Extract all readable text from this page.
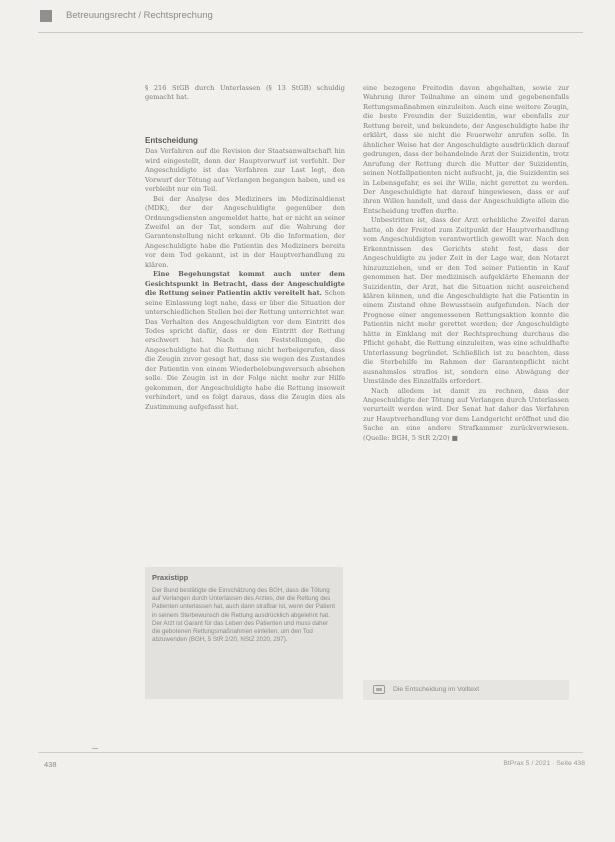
Betreuungsrecht / Rechtsprechung

§ 216 StGB durch Unterlassen (§ 13 StGB) schuldig gemacht hat.

Entscheidung

Das Verfahren auf die Revision der Staatsanwaltschaft hin wird eingestellt, denn der Hauptvorwurf ist verfehlt. Der Angeschuldigte ist das Verfahren zur Last legt, den Vorwurf der Tötung auf Verlangen begangen haben, und es verbleibt nur ein Teil.

Bei der Analyse des Mediziners im Medizinaldienst (MDK), der der Angeschuldigte gegenüber den Ordnungsdiensten angemeldet hatte, hat er nicht an seiner Zweifel an der Tat, sondern auf die Wahrung der Garantenstellung nicht erkannt. Ob die Information, der Angeschuldigte habe die Patientin des Mediziners bereits vor dem Tod gekannt, ist in der Hauptverhandlung zu klären.

Eine Begehungstat kommt auch unter dem Gesichtspunkt in Betracht, dass der Angeschuldigte die Rettung seiner Patientin aktiv vereitelt hat. Schon seine Einlassung legt nahe, dass er über die Situation der unterschiedlichen Stellen bei der Rettung unterrichtet war. Das Verhalten des Angeschuldigten vor dem Eintritt des Todes spricht dafür, dass er den Eintritt der Rettung erschwert hat. Nach den Feststellungen, die Angeschuldigte hat die Rettung nicht herbeigerufen, dass die Zeugin zuvor gesagt hat, dass sie wegen des Zustandes der Patientin von einem Wiederbelebungsversuch absehen solle. Die Zeugin ist in der Folge nicht mehr zur Hilfe gekommen, der Angeschuldigte habe die Rettung insoweit verhindert, und es folgt daraus, dass die Zeugin dies als Zustimmung aufgefasst hat.

Praxistipp
Der Bund bestätigte die Einschätzung des BGH, dass die Tötung auf Verlangen durch Unterlassen des Arztes, der die Rettung des Patienten unterlassen hat, auch dann strafbar ist, wenn der Patient in seinem Sterbewunsch die Rettung ausdrücklich abgelehnt hat. Der Arzt ist Garant für das Leben des Patienten und muss daher die gebotenen Rettungsmaßnahmen einleiten, um den Tod abzuwenden (BGH, 5 StR 2/20, NStZ 2020, 297).

eine bezogene Freitodin davon abgehalten, sowie zur Wahrung ihrer Teilnahme an einem und gegebenenfalls Rettungsmaßnahmen einzuleiten. Auch eine weitere Zeugin, die beste Freundin der Suizidentin, war ebenfalls zur Rettung bereit, und bekundete, der Angeschuldigte habe ihr erklärt, dass sie nicht die Feuerwehr anrufen solle. In ähnlicher Weise hat der Angeschuldigte ausdrücklich darauf gedrungen, dass der behandelnde Arzt der Suizidentin, trotz Anrufung der Rettung durch die Mutter der Suizidentin, seinen Notfallpatienten nicht aufsucht, ja, die Suizidentin sei in Lebensgefahr, es sei ihr Wille, nicht gerettet zu werden. Der Angeschuldigte hat darauf hingewiesen, dass er auf ihren Willen handelt, und dass der Angeschuldigte allein die Entscheidung treffen durfte.

Unbestritten ist, dass der Arzt erhebliche Zweifel daran hatte, ob der Freitod zum Zeitpunkt der Hauptverhandlung vom Angeschuldigten verantwortlich gewollt war. Nach den Erkenntnissen des Gerichts steht fest, dass der Angeschuldigte zu jeder Zeit in der Lage war, den Notarzt hinzuzuziehen, und er den Tod seiner Patientin in Kauf genommen hat. Der medizinisch aufgeklärte Ehemann der Suizidentin, der Arzt, hat die Situation nicht ausreichend klären können, und die Angeschuldigte hat die Patientin in einem Zustand ohne Bewusstsein aufgefunden. Nach der Prognose einer angemessenen Rettungsaktion konnte die Patientin nicht mehr gerettet werden; der Angeschuldigte hätte in Einklang mit der Rechtsprechung durchaus die Pflicht gehabt, die Rettung einzuleiten, was eine schuldhafte Unterlassung begründet. Schließlich ist zu beachten, dass die Sterbehilfe im Rahmen der Garantenpflicht nicht ausnahmslos straflos ist, sondern eine Abwägung der Umstände des Einzelfalls erfordert.

Nach alledem ist damit zu rechnen, dass der Angeschuldigte der Tötung auf Verlangen durch Unterlassen verurteilt werden wird. Der Senat hat daher das Verfahren zur Hauptverhandlung vor dem Landgericht eröffnet und die Sache an eine andere Strafkammer zurückverwiesen. (Quelle: BGH, 5 StR 2/20) ■

Die Entscheidung im Volltext
438	BtPrax 5 / 2021 · Seite 438
